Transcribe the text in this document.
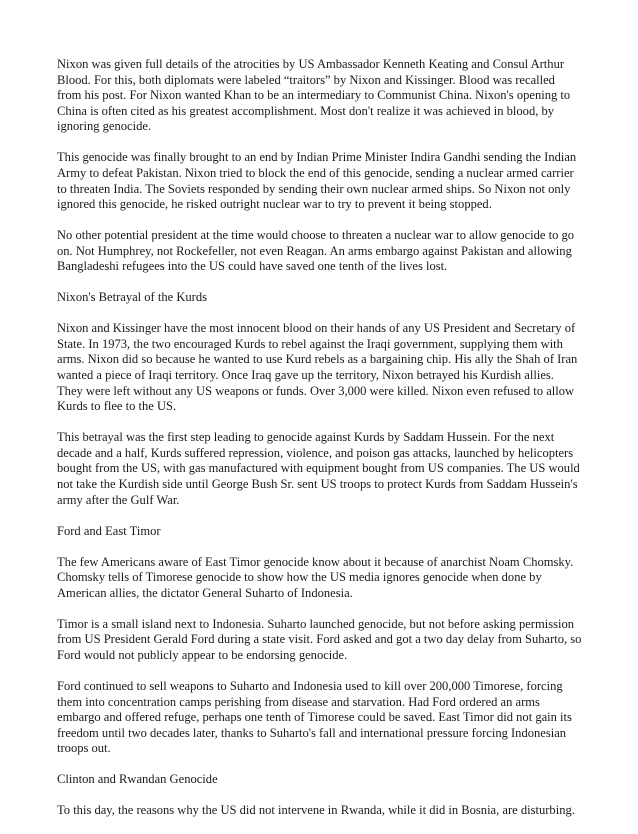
Nixon was given full details of the atrocities by US Ambassador Kenneth Keating and Consul Arthur Blood. For this, both diplomats were labeled “traitors” by Nixon and Kissinger. Blood was recalled from his post. For Nixon wanted Khan to be an intermediary to Communist China. Nixon's opening to China is often cited as his greatest accomplishment. Most don't realize it was achieved in blood, by ignoring genocide.

This genocide was finally brought to an end by Indian Prime Minister Indira Gandhi sending the Indian Army to defeat Pakistan. Nixon tried to block the end of this genocide, sending a nuclear armed carrier to threaten India. The Soviets responded by sending their own nuclear armed ships. So Nixon not only ignored this genocide, he risked outright nuclear war to try to prevent it being stopped.

No other potential president at the time would choose to threaten a nuclear war to allow genocide to go on. Not Humphrey, not Rockefeller, not even Reagan. An arms embargo against Pakistan and allowing Bangladeshi refugees into the US could have saved one tenth of the lives lost.

Nixon's Betrayal of the Kurds

Nixon and Kissinger have the most innocent blood on their hands of any US President and Secretary of State. In 1973, the two encouraged Kurds to rebel against the Iraqi government, supplying them with arms. Nixon did so because he wanted to use Kurd rebels as a bargaining chip. His ally the Shah of Iran wanted a piece of Iraqi territory. Once Iraq gave up the territory, Nixon betrayed his Kurdish allies. They were left without any US weapons or funds. Over 3,000 were killed. Nixon even refused to allow Kurds to flee to the US.

This betrayal was the first step leading to genocide against Kurds by Saddam Hussein. For the next decade and a half, Kurds suffered repression, violence, and poison gas attacks, launched by helicopters bought from the US, with gas manufactured with equipment bought from US companies. The US would not take the Kurdish side until George Bush Sr. sent US troops to protect Kurds from Saddam Hussein's army after the Gulf War.

Ford and East Timor

The few Americans aware of East Timor genocide know about it because of anarchist Noam Chomsky. Chomsky tells of Timorese genocide to show how the US media ignores genocide when done by American allies, the dictator General Suharto of Indonesia.

Timor is a small island next to Indonesia. Suharto launched genocide, but not before asking permission from US President Gerald Ford during a state visit. Ford asked and got a two day delay from Suharto, so Ford would not publicly appear to be endorsing genocide.

Ford continued to sell weapons to Suharto and Indonesia used to kill over 200,000 Timorese, forcing them into concentration camps perishing from disease and starvation. Had Ford ordered an arms embargo and offered refuge, perhaps one tenth of Timorese could be saved. East Timor did not gain its freedom until two decades later, thanks to Suharto's fall and international pressure forcing Indonesian troops out.

Clinton and Rwandan Genocide

To this day, the reasons why the US did not intervene in Rwanda, while it did in Bosnia, are disturbing.
